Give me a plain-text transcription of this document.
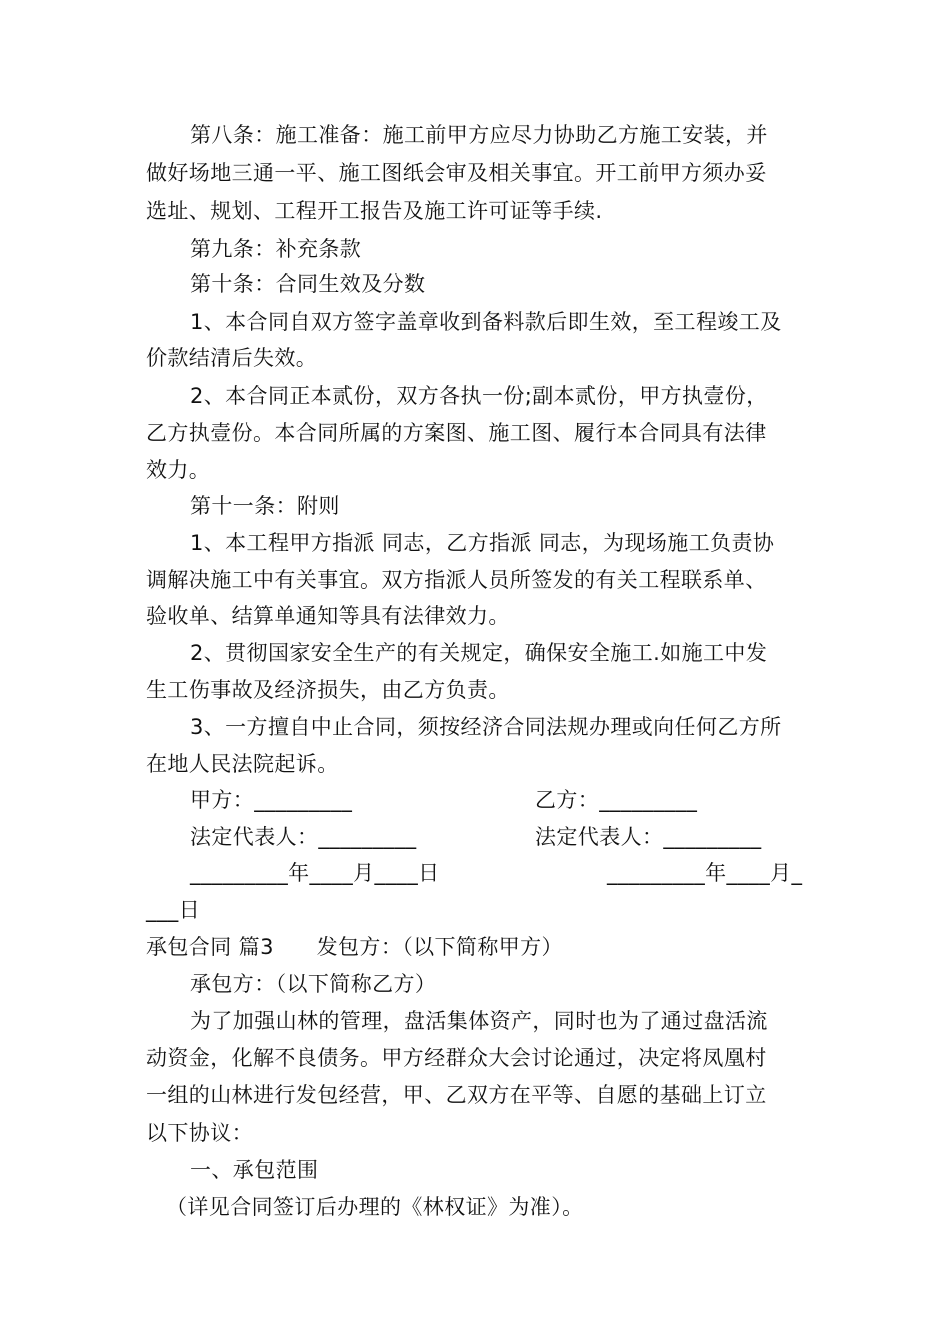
第八条：施工准备：施工前甲方应尽力协助乙方施工安装，并
做好场地三通一平、施工图纸会审及相关事宜。开工前甲方须办妥
选址、规划、工程开工报告及施工许可证等手续.
第九条：补充条款
第十条：合同生效及分数
1、本合同自双方签字盖章收到备料款后即生效，至工程竣工及
价款结清后失效。
2、本合同正本贰份，双方各执一份;副本贰份，甲方执壹份，
乙方执壹份。本合同所属的方案图、施工图、履行本合同具有法律
效力。
第十一条：附则
1、本工程甲方指派 同志，乙方指派 同志，为现场施工负责协
调解决施工中有关事宜。双方指派人员所签发的有关工程联系单、
验收单、结算单通知等具有法律效力。
2、贯彻国家安全生产的有关规定，确保安全施工.如施工中发
生工伤事故及经济损失，由乙方负责。
3、一方擅自中止合同，须按经济合同法规办理或向任何乙方所
在地人民法院起诉。
甲方：_________	乙方：_________
法定代表人：_________	法定代表人：_________
_________年____月____日	_________年____月_
___日
承包合同 篇3　　发包方：（以下简称甲方）
承包方：（以下简称乙方）
为了加强山林的管理，盘活集体资产，同时也为了通过盘活流
动资金，化解不良债务。甲方经群众大会讨论通过，决定将凤凰村
一组的山林进行发包经营，甲、乙双方在平等、自愿的基础上订立
以下协议：
一、承包范围
（详见合同签订后办理的《林权证》为准）。
